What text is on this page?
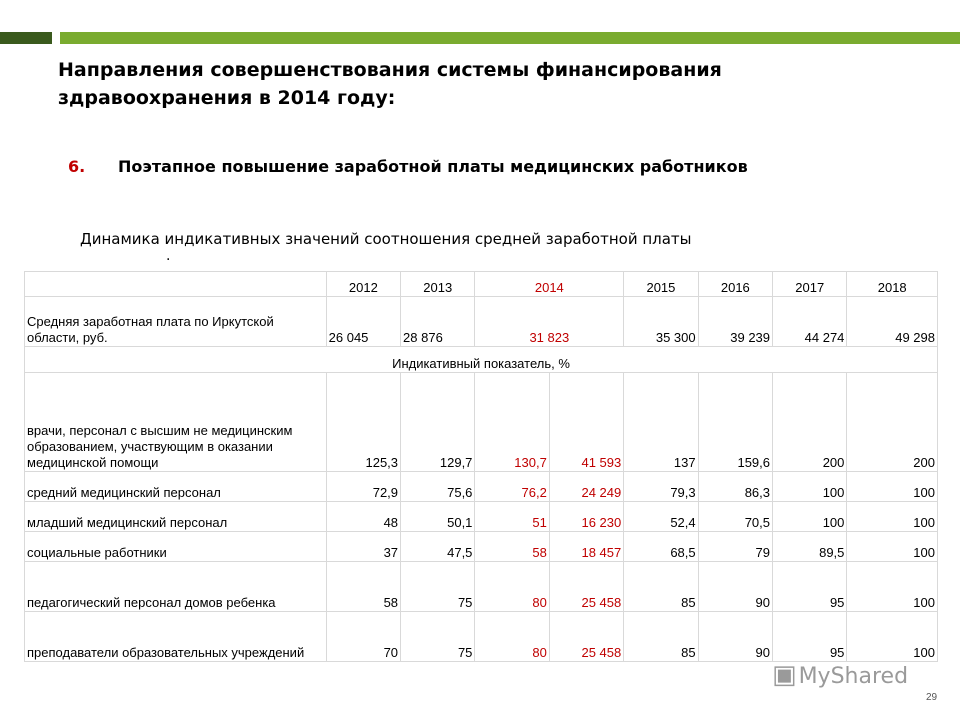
Направления совершенствования системы финансирования здравоохранения в 2014 году:
6. Поэтапное повышение заработной платы медицинских работников
Динамика индикативных значений соотношения средней заработной платы
.
	2012	2013	2014		2015	2016	2017	2018
Средняя заработная плата по Иркутской области, руб.	26 045	28 876	31 823		35 300	39 239	44 274	49 298
Индикативный показатель, %								
врачи, персонал с высшим не медицинским образованием, участвующим в оказании медицинской помощи	125,3	129,7	130,7	41 593	137	159,6	200	200
средний медицинский персонал	72,9	75,6	76,2	24 249	79,3	86,3	100	100
младший медицинский персонал	48	50,1	51	16 230	52,4	70,5	100	100
социальные работники	37	47,5	58	18 457	68,5	79	89,5	100
педагогический персонал домов ребенка	58	75	80	25 458	85	90	95	100
преподаватели образовательных учреждений	70	75	80	25 458	85	90	95	100
▣MyShared
29
